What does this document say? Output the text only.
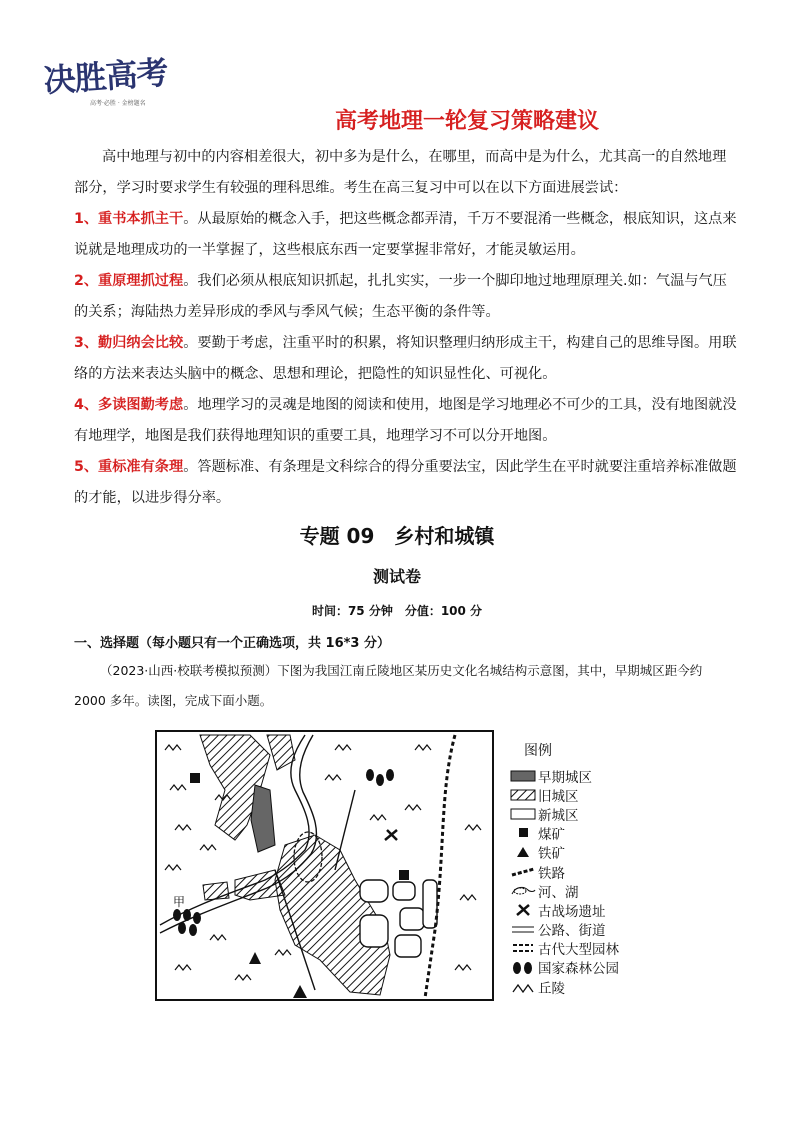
决胜高考
高考·必胜 · 金榜题名
高考地理一轮复习策略建议
高中地理与初中的内容相差很大，初中多为是什么，在哪里，而高中是为什么，尤其高一的自然地理部分，学习时要求学生有较强的理科思维。考生在高三复习中可以在以下方面进展尝试：
1、重书本抓主干。从最原始的概念入手，把这些概念都弄清，千万不要混淆一些概念，根底知识，这点来说就是地理成功的一半掌握了，这些根底东西一定要掌握非常好，才能灵敏运用。
2、重原理抓过程。我们必须从根底知识抓起，扎扎实实，一步一个脚印地过地理原理关.如：气温与气压的关系；海陆热力差异形成的季风与季风气候；生态平衡的条件等。
3、勤归纳会比较。要勤于考虑，注重平时的积累，将知识整理归纳形成主干，构建自己的思维导图。用联络的方法来表达头脑中的概念、思想和理论，把隐性的知识显性化、可视化。
4、多读图勤考虑。地理学习的灵魂是地图的阅读和使用，地图是学习地理必不可少的工具，没有地图就没有地理学，地图是我们获得地理知识的重要工具，地理学习不可以分开地图。
5、重标准有条理。答题标准、有条理是文科综合的得分重要法宝，因此学生在平时就要注重培养标准做题的才能，以进步得分率。
专题 09　乡村和城镇
测试卷
时间：75 分钟　分值：100 分
一、选择题（每小题只有一个正确选项，共 16*3 分）
（2023·山西·校联考模拟预测）下图为我国江南丘陵地区某历史文化名城结构示意图，其中，早期城区距今约 2000 多年。读图，完成下面小题。
甲
图例
早期城区
旧城区
新城区
煤矿
铁矿
铁路
河、湖
古战场遗址
公路、街道
古代大型园林
国家森林公园
丘陵
